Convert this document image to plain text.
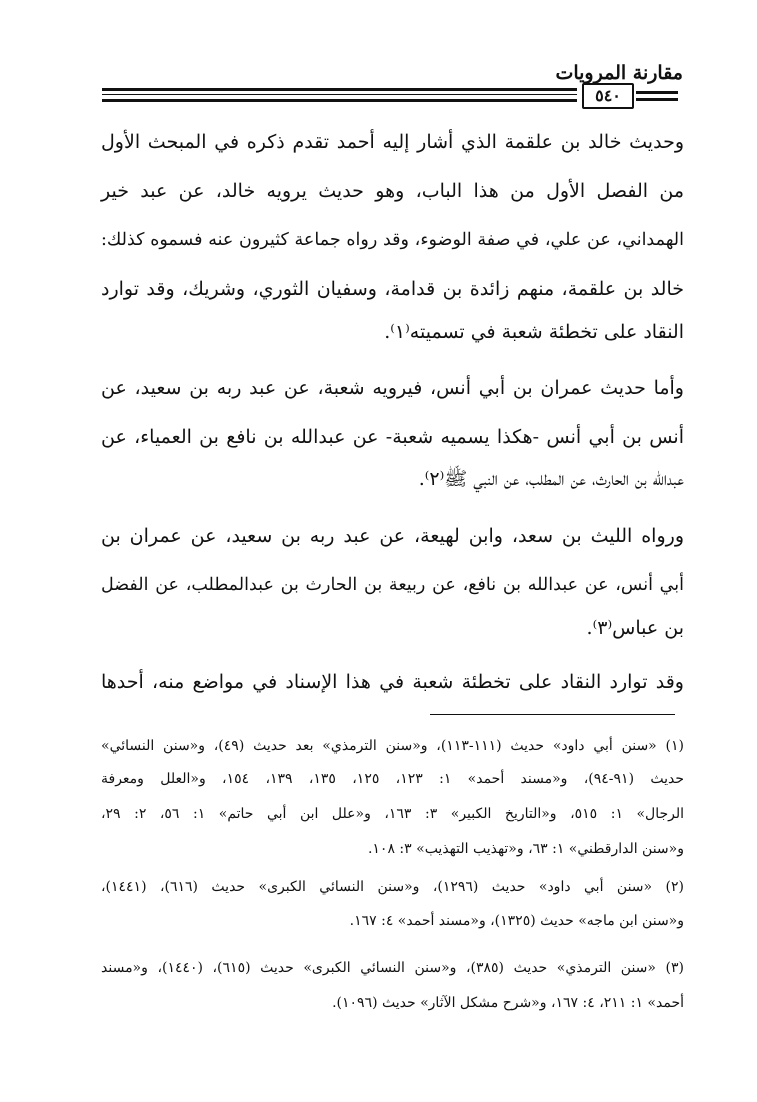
مقارنة المرويات
٥٤٠
وحديث خالد بن علقمة الذي أشار إليه أحمد تقدم ذكره في المبحث الأول
من الفصل الأول من هذا الباب، وهو حديث يرويه خالد، عن عبد خير
الهمداني، عن علي، في صفة الوضوء، وقد رواه جماعة كثيرون عنه فسموه كذلك:
خالد بن علقمة، منهم زائدة بن قدامة، وسفيان الثوري، وشريك، وقد توارد
النقاد على تخطئة شعبة في تسميته⁽١⁾.
وأما حديث عمران بن أبي أنس، فيرويه شعبة، عن عبد ربه بن سعيد، عن
أنس بن أبي أنس -هكذا يسميه شعبة- عن عبدالله بن نافع بن العمياء، عن
عبدالله بن الحارث، عن المطلب، عن النبي ﷺ⁽٢⁾.
ورواه الليث بن سعد، وابن لهيعة، عن عبد ربه بن سعيد، عن عمران بن
أبي أنس، عن عبدالله بن نافع، عن ربيعة بن الحارث بن عبدالمطلب، عن الفضل
بن عباس⁽٣⁾.
وقد توارد النقاد على تخطئة شعبة في هذا الإسناد في مواضع منه، أحدها
(١) «سنن أبي داود» حديث (١١١-١١٣)، و«سنن الترمذي» بعد حديث (٤٩)، و«سنن النسائي»
حديث (٩١-٩٤)، و«مسند أحمد» ١: ١٢٣، ١٢٥، ١٣٥، ١٣٩، ١٥٤، و«العلل ومعرفة
الرجال» ١: ٥١٥، و«التاريخ الكبير» ٣: ١٦٣، و«علل ابن أبي حاتم» ١: ٥٦، ٢: ٢٩،
و«سنن الدارقطني» ١: ٦٣، و«تهذيب التهذيب» ٣: ١٠٨.
(٢) «سنن أبي داود» حديث (١٢٩٦)، و«سنن النسائي الكبرى» حديث (٦١٦)، (١٤٤١)،
و«سنن ابن ماجه» حديث (١٣٢٥)، و«مسند أحمد» ٤: ١٦٧.
(٣) «سنن الترمذي» حديث (٣٨٥)، و«سنن النسائي الكبرى» حديث (٦١٥)، (١٤٤٠)، و«مسند
أحمد» ١: ٢١١، ٤: ١٦٧، و«شرح مشكل الآثار» حديث (١٠٩٦).
